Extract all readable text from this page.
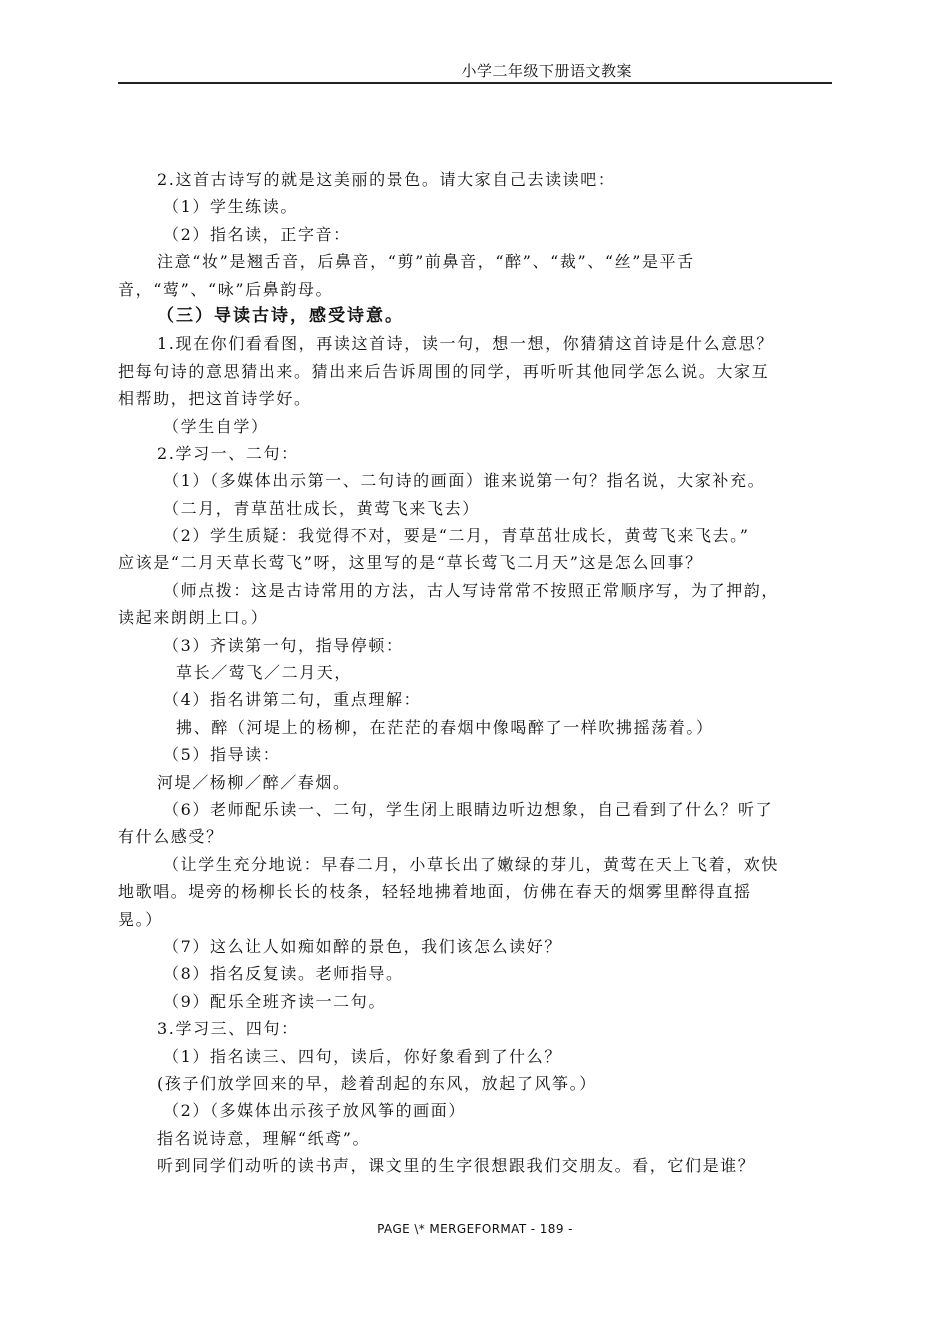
小学二年级下册语文教案
2.这首古诗写的就是这美丽的景色。请大家自己去读读吧：
（1）学生练读。
（2）指名读，正字音：
注意“妆”是翘舌音，后鼻音，“剪”前鼻音，“醉”、“裁”、“丝”是平舌
音，“莺”、“咏”后鼻韵母。
（三）导读古诗，感受诗意。
1.现在你们看看图，再读这首诗，读一句，想一想，你猜猜这首诗是什么意思？
把每句诗的意思猜出来。猜出来后告诉周围的同学，再听听其他同学怎么说。大家互
相帮助，把这首诗学好。
（学生自学）
2.学习一、二句：
（1）（多媒体出示第一、二句诗的画面）谁来说第一句？指名说，大家补充。
（二月，青草茁壮成长，黄莺飞来飞去）
（2）学生质疑：我觉得不对，要是“二月，青草茁壮成长，黄莺飞来飞去。”
应该是“二月天草长莺飞”呀，这里写的是“草长莺飞二月天”这是怎么回事？
（师点拨：这是古诗常用的方法，古人写诗常常不按照正常顺序写，为了押韵，
读起来朗朗上口。）
（3）齐读第一句，指导停顿：
草长／莺飞／二月天，
（4）指名讲第二句，重点理解：
拂、醉（河堤上的杨柳，在茫茫的春烟中像喝醉了一样吹拂摇荡着。）
（5）指导读：
河堤／杨柳／醉／春烟。
（6）老师配乐读一、二句，学生闭上眼睛边听边想象，自己看到了什么？听了
有什么感受？
（让学生充分地说：早春二月，小草长出了嫩绿的芽儿，黄莺在天上飞着，欢快
地歌唱。堤旁的杨柳长长的枝条，轻轻地拂着地面，仿佛在春天的烟雾里醉得直摇
晃。）
（7）这么让人如痴如醉的景色，我们该怎么读好？
（8）指名反复读。老师指导。
（9）配乐全班齐读一二句。
3.学习三、四句：
（1）指名读三、四句，读后，你好象看到了什么？
(孩子们放学回来的早，趁着刮起的东风，放起了风筝。）
（2）（多媒体出示孩子放风筝的画面）
指名说诗意，理解“纸鸢”。
听到同学们动听的读书声，课文里的生字很想跟我们交朋友。看，它们是谁？
PAGE \* MERGEFORMAT - 189 -
